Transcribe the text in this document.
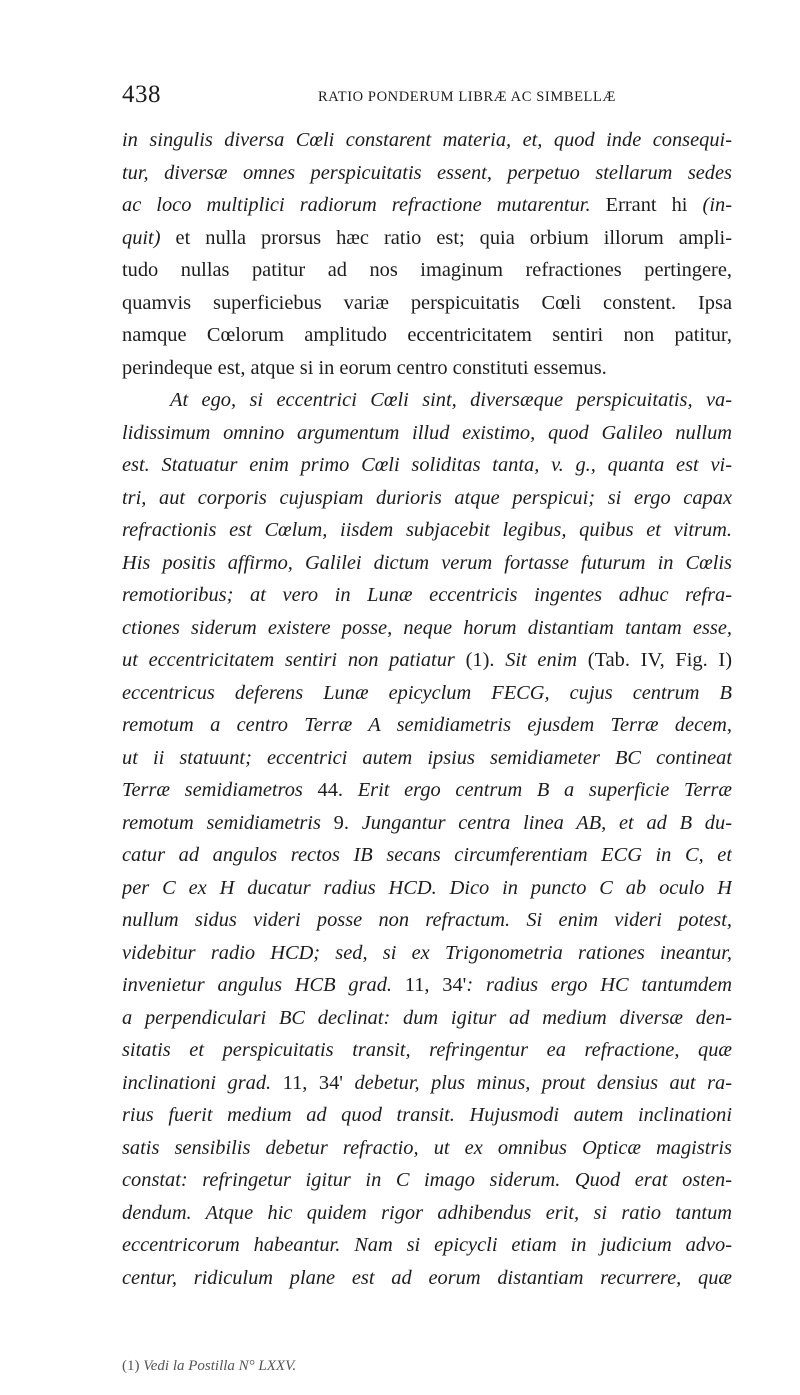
438	RATIO PONDERUM LIBRÆ AC SIMBELLÆ
in singulis diversa Cœli constarent materia, et, quod inde consequi-
tur, diversæ omnes perspicuitatis essent, perpetuo stellarum sedes
ac loco multiplici radiorum refractione mutarentur. Errant hi (in-
quit) et nulla prorsus hæc ratio est; quia orbium illorum ampli-
tudo nullas patitur ad nos imaginum refractiones pertingere,
quamvis superficiebus variæ perspicuitatis Cœli constent. Ipsa
namque Cœlorum amplitudo eccentricitatem sentiri non patitur,
perindeque est, atque si in eorum centro constituti essemus.
At ego, si eccentrici Cœli sint, diversæque perspicuitatis, va-
lidissimum omnino argumentum illud existimo, quod Galileo nullum
est. Statuatur enim primo Cœli soliditas tanta, v. g., quanta est vi-
tri, aut corporis cujuspiam durioris atque perspicui; si ergo capax
refractionis est Cœlum, iisdem subjacebit legibus, quibus et vitrum.
His positis affirmo, Galilei dictum verum fortasse futurum in Cœlis
remotioribus; at vero in Lunæ eccentricis ingentes adhuc refra-
ctiones siderum existere posse, neque horum distantiam tantam esse,
ut eccentricitatem sentiri non patiatur (1). Sit enim (Tab. IV, Fig. I)
eccentricus deferens Lunæ epicyclum FECG, cujus centrum B
remotum a centro Terræ A semidiametris ejusdem Terræ decem,
ut ii statuunt; eccentrici autem ipsius semidiameter BC contineat
Terræ semidiametros 44. Erit ergo centrum B a superficie Terræ
remotum semidiametris 9. Jungantur centra linea AB, et ad B du-
catur ad angulos rectos IB secans circumferentiam ECG in C, et
per C ex H ducatur radius HCD. Dico in puncto C ab oculo H
nullum sidus videri posse non refractum. Si enim videri potest,
videbitur radio HCD; sed, si ex Trigonometria rationes ineantur,
invenietur angulus HCB grad. 11, 34': radius ergo HC tantumdem
a perpendiculari BC declinat: dum igitur ad medium diversæ den-
sitatis et perspicuitatis transit, refringentur ea refractione, quæ
inclinationi grad. 11, 34' debetur, plus minus, prout densius aut ra-
rius fuerit medium ad quod transit. Hujusmodi autem inclinationi
satis sensibilis debetur refractio, ut ex omnibus Opticæ magistris
constat: refringetur igitur in C imago siderum. Quod erat osten-
dendum. Atque hic quidem rigor adhibendus erit, si ratio tantum
eccentricorum habeantur. Nam si epicycli etiam in judicium advo-
centur, ridiculum plane est ad eorum distantiam recurrere, quæ
(1) Vedi la Postilla N° LXXV.
